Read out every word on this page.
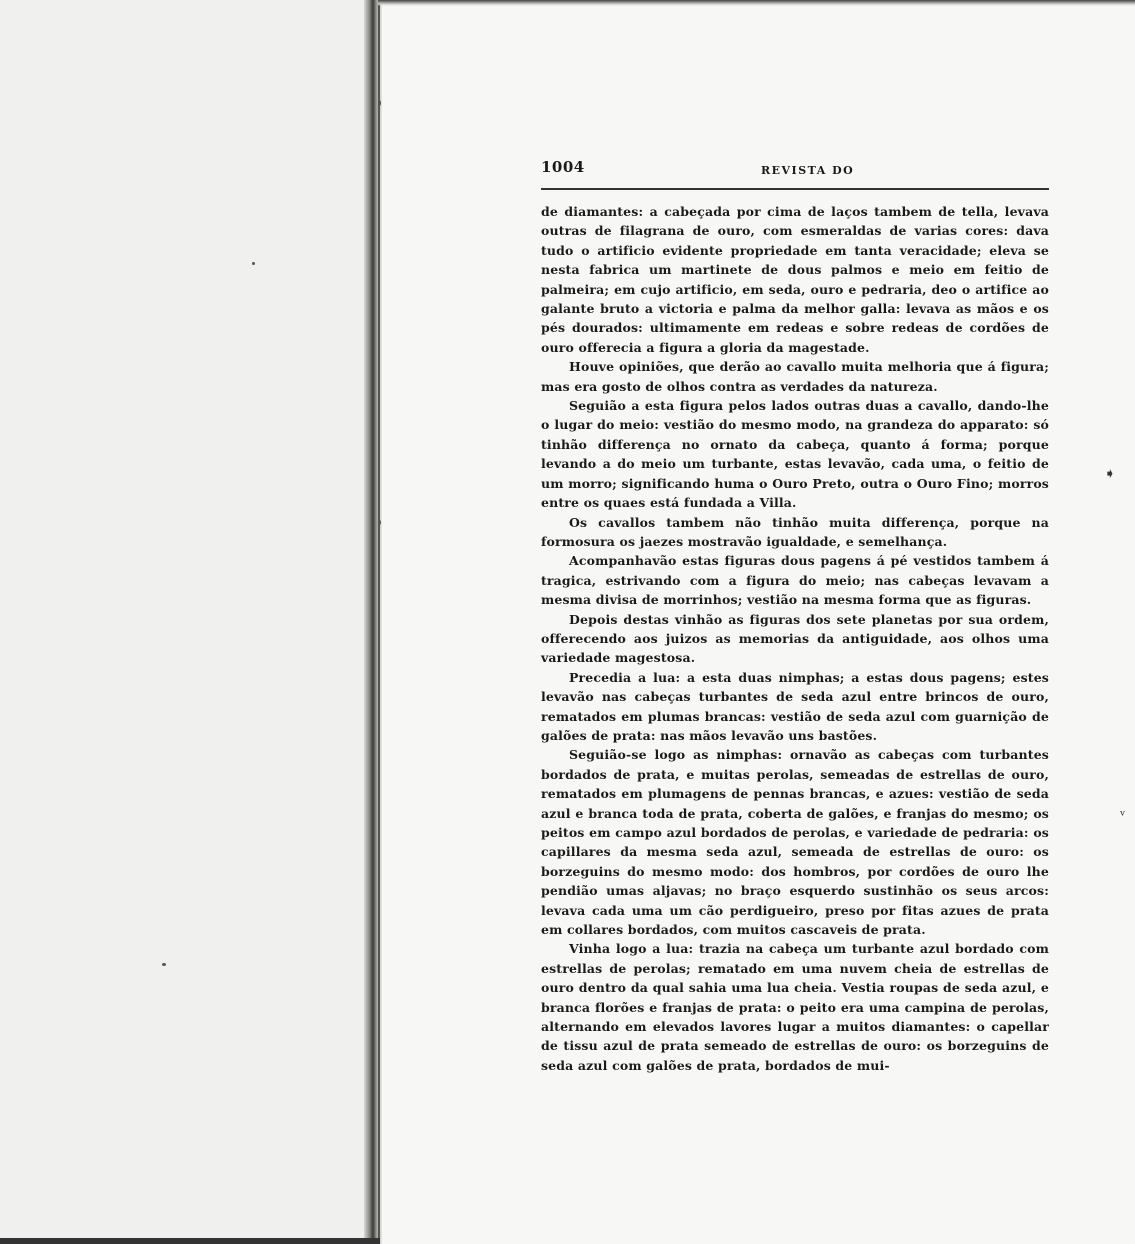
1004	REVISTA DO

de diamantes: a cabeçada por cima de laços tambem de tella, levava outras de filagrana de ouro, com esmeraldas de varias cores: dava tudo o artificio evidente propriedade em tanta veracidade; eleva se nesta fabrica um martinete de dous palmos e meio em feitio de palmeira; em cujo artificio, em seda, ouro e pedraria, deo o artifice ao galante bruto a victoria e palma da melhor galla: levava as mãos e os pés dourados: ultimamente em redeas e sobre redeas de cordões de ouro offerecia a figura a gloria da magestade.

Houve opiniões, que derão ao cavallo muita melhoria que á figura; mas era gosto de olhos contra as verdades da natureza.

Seguião a esta figura pelos lados outras duas a cavallo, dando-lhe o lugar do meio: vestião do mesmo modo, na grandeza do apparato: só tinhão differença no ornato da cabeça, quanto á forma; porque levando a do meio um turbante, estas levavão, cada uma, o feitio de um morro; significando huma o Ouro Preto, outra o Ouro Fino; morros entre os quaes está fundada a Villa.

Os cavallos tambem não tinhão muita differença, porque na formosura os jaezes mostravão igualdade, e semelhança.

Acompanhavão estas figuras dous pagens á pé vestidos tambem á tragica, estrivando com a figura do meio; nas cabeças levavam a mesma divisa de morrinhos; vestião na mesma forma que as figuras.

Depois destas vinhão as figuras dos sete planetas por sua ordem, offerecendo aos juizos as memorias da antiguidade, aos olhos uma variedade magestosa.

Precedia a lua: a esta duas nimphas; a estas dous pagens; estes levavão nas cabeças turbantes de seda azul entre brincos de ouro, rematados em plumas brancas: vestião de seda azul com guarnição de galões de prata: nas mãos levavão uns bastões.

Seguião-se logo as nimphas: ornavão as cabeças com turbantes bordados de prata, e muitas perolas, semeadas de estrellas de ouro, rematados em plumagens de pennas brancas, e azues: vestião de seda azul e branca toda de prata, coberta de galões, e franjas do mesmo; os peitos em campo azul bordados de perolas, e variedade de pedraria: os capillares da mesma seda azul, semeada de estrellas de ouro: os borzeguins do mesmo modo: dos hombros, por cordões de ouro lhe pendião umas aljavas; no braço esquerdo sustinhão os seus arcos: levava cada uma um cão perdigueiro, preso por fitas azues de prata em collares bordados, com muitos cascaveis de prata.

Vinha logo a lua: trazia na cabeça um turbante azul bordado com estrellas de perolas; rematado em uma nuvem cheia de estrellas de ouro dentro da qual sahia uma lua cheia. Vestia roupas de seda azul, e branca florões e franjas de prata: o peito era uma campina de perolas, alternando em elevados lavores lugar a muitos diamantes: o capellar de tissu azul de prata semeado de estrellas de ouro: os borzeguins de seda azul com galões de prata, bordados de mui-

➧
ᵛ
